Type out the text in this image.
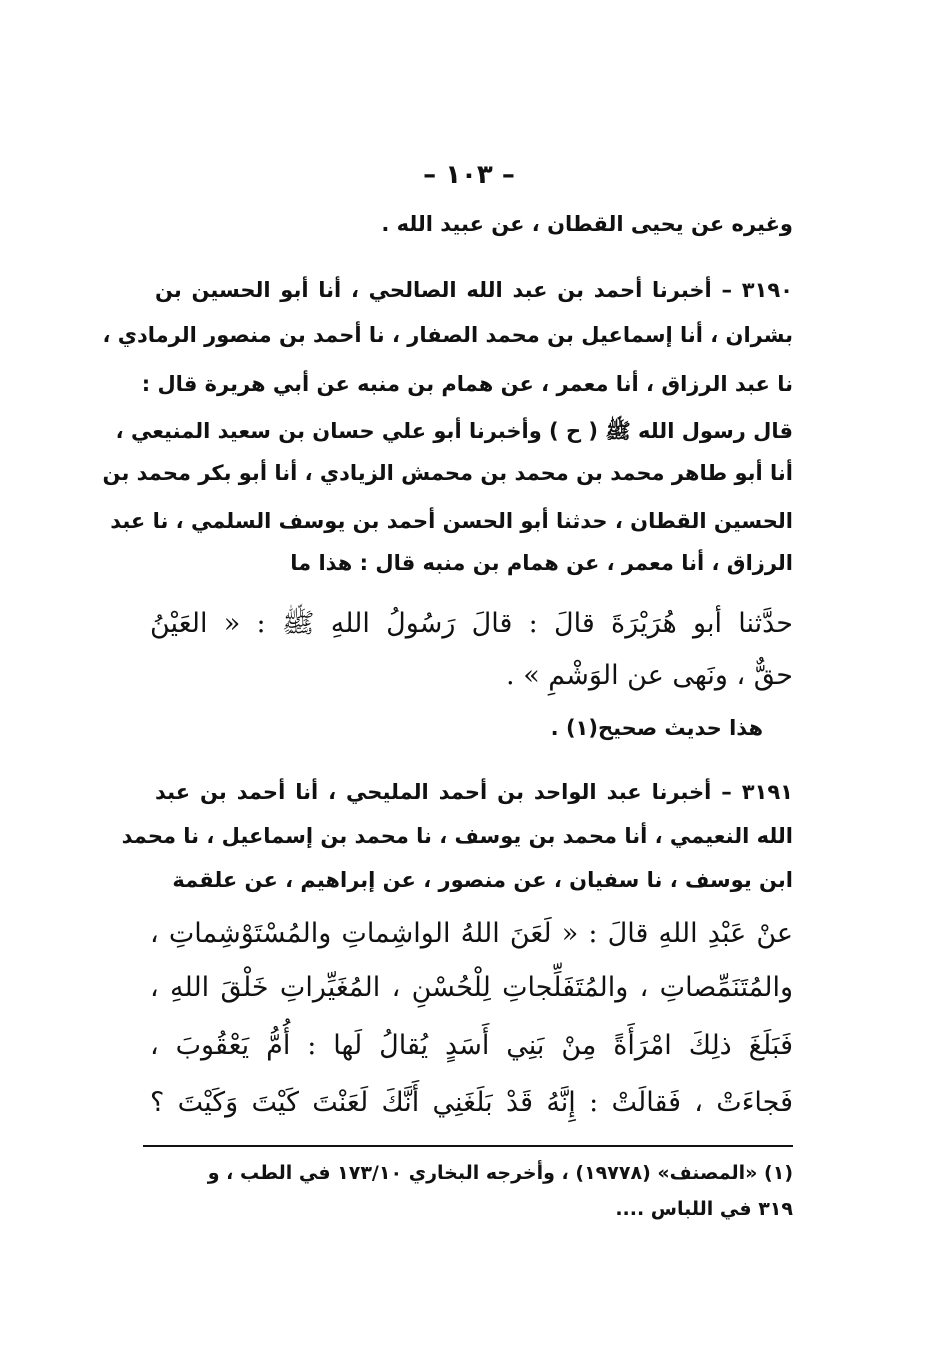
– ١٠٣ –
وغيره عن يحيى القطان ، عن عبيد الله .
٣١٩٠ – أخبرنا أحمد بن عبد الله الصالحي ، أنا أبو الحسين بن
بشران ، أنا إسماعيل بن محمد الصفار ، نا أحمد بن منصور الرمادي ،
نا عبد الرزاق ، أنا معمر ، عن همام بن منبه عن أبي هريرة قال :
قال رسول الله ﷺ ( ح ) وأخبرنا أبو علي حسان بن سعيد المنيعي ،
أنا أبو طاهر محمد بن محمد بن محمش الزيادي ، أنا أبو بكر محمد بن
الحسين القطان ، حدثنا أبو الحسن أحمد بن يوسف السلمي ، نا عبد
الرزاق ، أنا معمر ، عن همام بن منبه قال : هذا ما
حدَّثنا أبو هُرَيْرَةَ قالَ : قالَ رَسُولُ اللهِ ﷺ : « العَيْنُ
حقٌّ ، ونَهى عن الوَشْمِ » .
هذا حديث صحيح(١) .
٣١٩١ – أخبرنا عبد الواحد بن أحمد المليحي ، أنا أحمد بن عبد
الله النعيمي ، أنا محمد بن يوسف ، نا محمد بن إسماعيل ، نا محمد
ابن يوسف ، نا سفيان ، عن منصور ، عن إبراهيم ، عن علقمة
عنْ عَبْدِ اللهِ قالَ : « لَعَنَ اللهُ الواشِماتِ والمُسْتَوْشِماتِ ،
والمُتَنَمِّصاتِ ، والمُتَفَلِّجاتِ لِلْحُسْنِ ، المُغَيِّراتِ خَلْقَ اللهِ ،
فَبَلَغَ ذلِكَ امْرَأَةً مِنْ بَنِي أَسَدٍ يُقالُ لَها : أُمُّ يَعْقُوبَ ،
فَجاءَتْ ، فَقالَتْ : إِنَّهُ قَدْ بَلَغَنِي أَنَّكَ لَعَنْتَ كَيْتَ وَكَيْتَ ؟
(١) «المصنف» (١٩٧٧٨) ، وأخرجه البخاري ١٧٣/١٠ في الطب ، و
٣١٩ في اللباس ....
